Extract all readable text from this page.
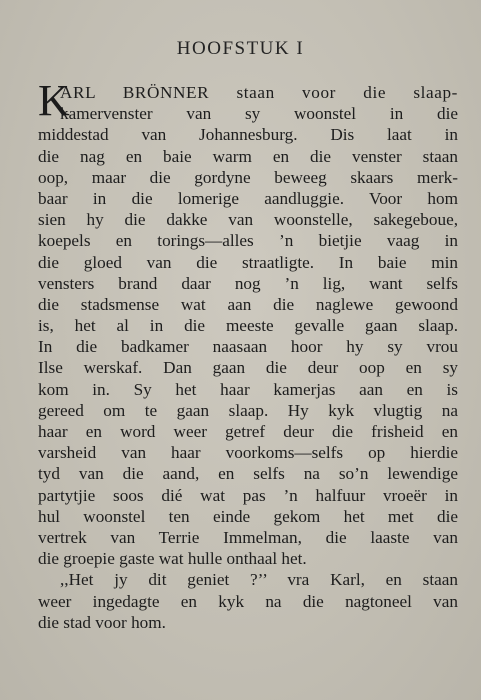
HOOFSTUK I
K
ARL BRÖNNER staan voor die slaap-
kamervenster van sy woonstel in die
middestad van Johannesburg. Dis laat in
die nag en baie warm en die venster staan
oop, maar die gordyne beweeg skaars merk-
baar in die lomerige aandluggie. Voor hom
sien hy die dakke van woonstelle, sakegeboue,
koepels en torings—alles ’n bietjie vaag in
die gloed van die straatligte. In baie min
vensters brand daar nog ’n lig, want selfs
die stadsmense wat aan die naglewe gewoond
is, het al in die meeste gevalle gaan slaap.
In die badkamer naasaan hoor hy sy vrou
Ilse werskaf. Dan gaan die deur oop en sy
kom in. Sy het haar kamerjas aan en is
gereed om te gaan slaap. Hy kyk vlugtig na
haar en word weer getref deur die frisheid en
varsheid van haar voorkoms—selfs op hierdie
tyd van die aand, en selfs na so’n lewendige
partytjie soos dié wat pas ’n halfuur vroeër in
hul woonstel ten einde gekom het met die
vertrek van Terrie Immelman, die laaste van
die groepie gaste wat hulle onthaal het.
,,Het jy dit geniet ?’’ vra Karl, en staan
weer ingedagte en kyk na die nagtoneel van
die stad voor hom.
